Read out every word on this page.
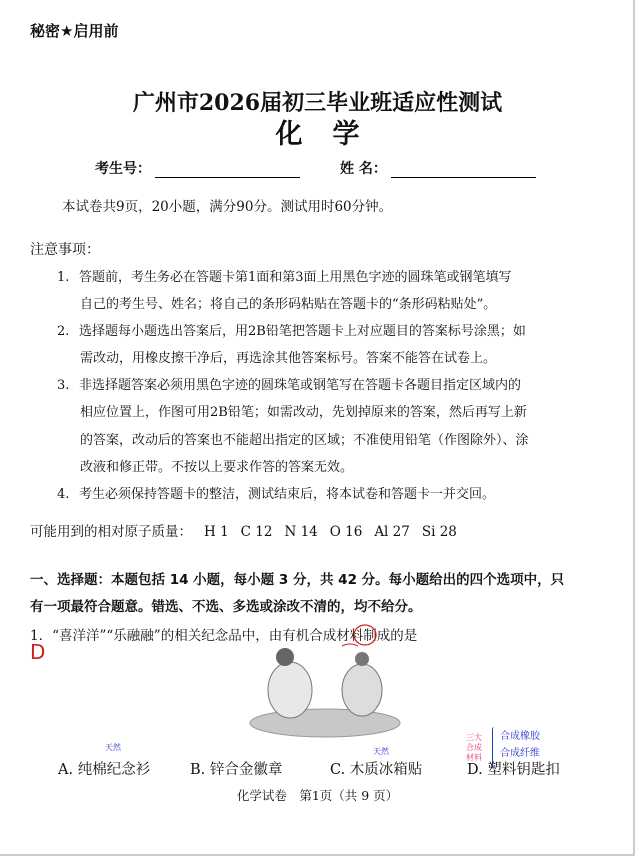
秘密★启用前
广州市2026届初三毕业班适应性测试
化学
考生号：	姓 名：
本试卷共9页，20小题，满分90分。测试用时60分钟。
注意事项：
1. 答题前，考生务必在答题卡第1面和第3面上用黑色字迹的圆珠笔或钢笔填写
自己的考生号、姓名；将自己的条形码粘贴在答题卡的“条形码粘贴处”。
2. 选择题每小题选出答案后，用2B铅笔把答题卡上对应题目的答案标号涂黑；如
需改动，用橡皮擦干净后，再选涂其他答案标号。答案不能答在试卷上。
3. 非选择题答案必须用黑色字迹的圆珠笔或钢笔写在答题卡各题目指定区域内的
相应位置上，作图可用2B铅笔；如需改动，先划掉原来的答案，然后再写上新
的答案，改动后的答案也不能超出指定的区域；不准使用铅笔（作图除外）、涂
改液和修正带。不按以上要求作答的答案无效。
4. 考生必须保持答题卡的整洁，测试结束后，将本试卷和答题卡一并交回。
可能用到的相对原子质量： H 1 C 12 N 14 O 16 Al 27 Si 28
一、选择题：本题包括 14 小题，每小题 3 分，共 42 分。每小题给出的四个选项中，只
有一项最符合题意。错选、不选、多选或涂改不清的，均不给分。
1．“喜洋洋”“乐融融”的相关纪念品中，由有机合成材料制成的是
D
天然	天然
三大合成材料
合成橡胶
合成纤维
A. 纯棉纪念衫	B. 锌合金徽章	C. 木质冰箱贴	D. 塑料钥匙扣
化学试卷　第1页（共 9 页）
